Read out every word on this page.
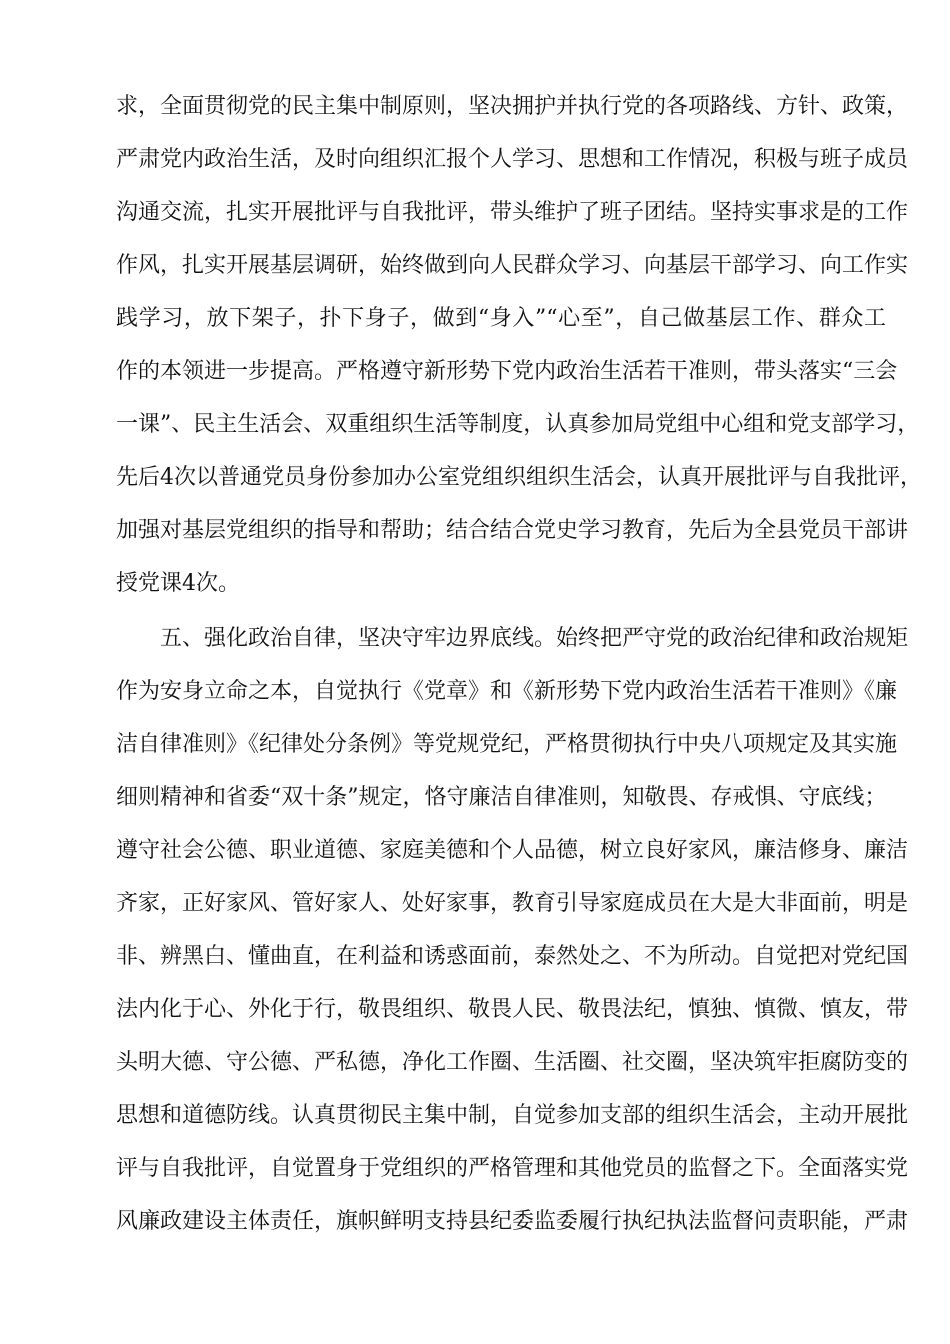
求，全面贯彻党的民主集中制原则，坚决拥护并执行党的各项路线、方针、政策，
严肃党内政治生活，及时向组织汇报个人学习、思想和工作情况，积极与班子成员
沟通交流，扎实开展批评与自我批评，带头维护了班子团结。坚持实事求是的工作
作风，扎实开展基层调研，始终做到向人民群众学习、向基层干部学习、向工作实
践学习，放下架子，扑下身子，做到“身入”“心至”，自己做基层工作、群众工
作的本领进一步提高。严格遵守新形势下党内政治生活若干准则，带头落实“三会
一课”、民主生活会、双重组织生活等制度，认真参加局党组中心组和党支部学习，
先后4次以普通党员身份参加办公室党组织组织生活会，认真开展批评与自我批评，
加强对基层党组织的指导和帮助；结合结合党史学习教育，先后为全县党员干部讲
授党课4次。
五、强化政治自律，坚决守牢边界底线。始终把严守党的政治纪律和政治规矩
作为安身立命之本，自觉执行《党章》和《新形势下党内政治生活若干准则》《廉
洁自律准则》《纪律处分条例》等党规党纪，严格贯彻执行中央八项规定及其实施
细则精神和省委“双十条”规定，恪守廉洁自律准则，知敬畏、存戒惧、守底线；
遵守社会公德、职业道德、家庭美德和个人品德，树立良好家风，廉洁修身、廉洁
齐家，正好家风、管好家人、处好家事，教育引导家庭成员在大是大非面前，明是
非、辨黑白、懂曲直，在利益和诱惑面前，泰然处之、不为所动。自觉把对党纪国
法内化于心、外化于行，敬畏组织、敬畏人民、敬畏法纪，慎独、慎微、慎友，带
头明大德、守公德、严私德，净化工作圈、生活圈、社交圈，坚决筑牢拒腐防变的
思想和道德防线。认真贯彻民主集中制，自觉参加支部的组织生活会，主动开展批
评与自我批评，自觉置身于党组织的严格管理和其他党员的监督之下。全面落实党
风廉政建设主体责任，旗帜鲜明支持县纪委监委履行执纪执法监督问责职能，严肃
